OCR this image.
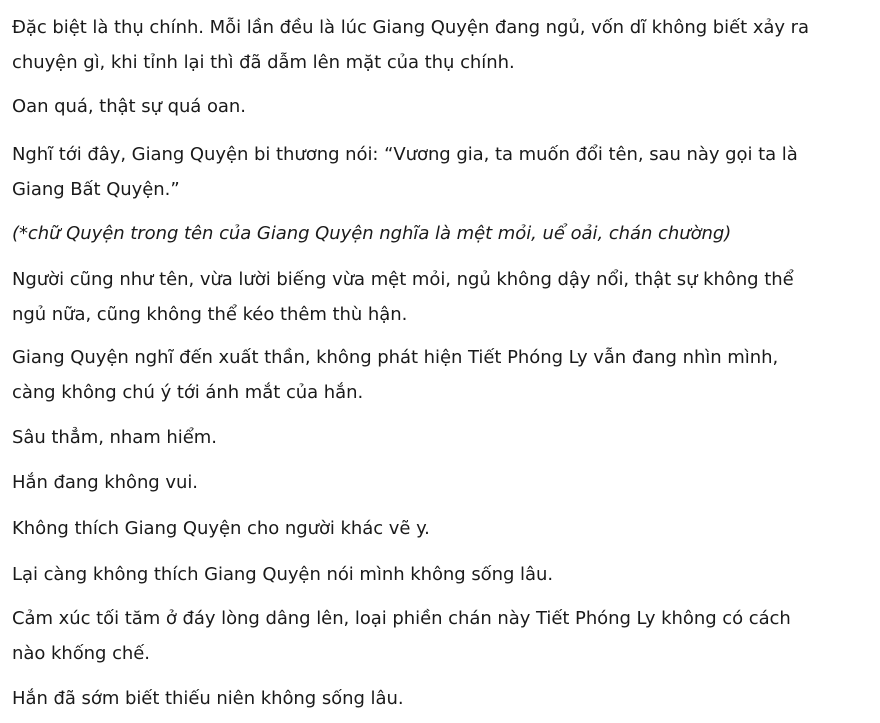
Đặc biệt là thụ chính. Mỗi lần đều là lúc Giang Quyện đang ngủ, vốn dĩ không biết xảy ra
chuyện gì, khi tỉnh lại thì đã dẫm lên mặt của thụ chính.

Oan quá, thật sự quá oan.

Nghĩ tới đây, Giang Quyện bi thương nói: “Vương gia, ta muốn đổi tên, sau này gọi ta là
Giang Bất Quyện.”

(*chữ Quyện trong tên của Giang Quyện nghĩa là mệt mỏi, uể oải, chán chường)

Người cũng như tên, vừa lười biếng vừa mệt mỏi, ngủ không dậy nổi, thật sự không thể
ngủ nữa, cũng không thể kéo thêm thù hận.

Giang Quyện nghĩ đến xuất thần, không phát hiện Tiết Phóng Ly vẫn đang nhìn mình,
càng không chú ý tới ánh mắt của hắn.

Sâu thẳm, nham hiểm.

Hắn đang không vui.

Không thích Giang Quyện cho người khác vẽ y.

Lại càng không thích Giang Quyện nói mình không sống lâu.

Cảm xúc tối tăm ở đáy lòng dâng lên, loại phiền chán này Tiết Phóng Ly không có cách
nào khống chế.

Hắn đã sớm biết thiếu niên không sống lâu.
